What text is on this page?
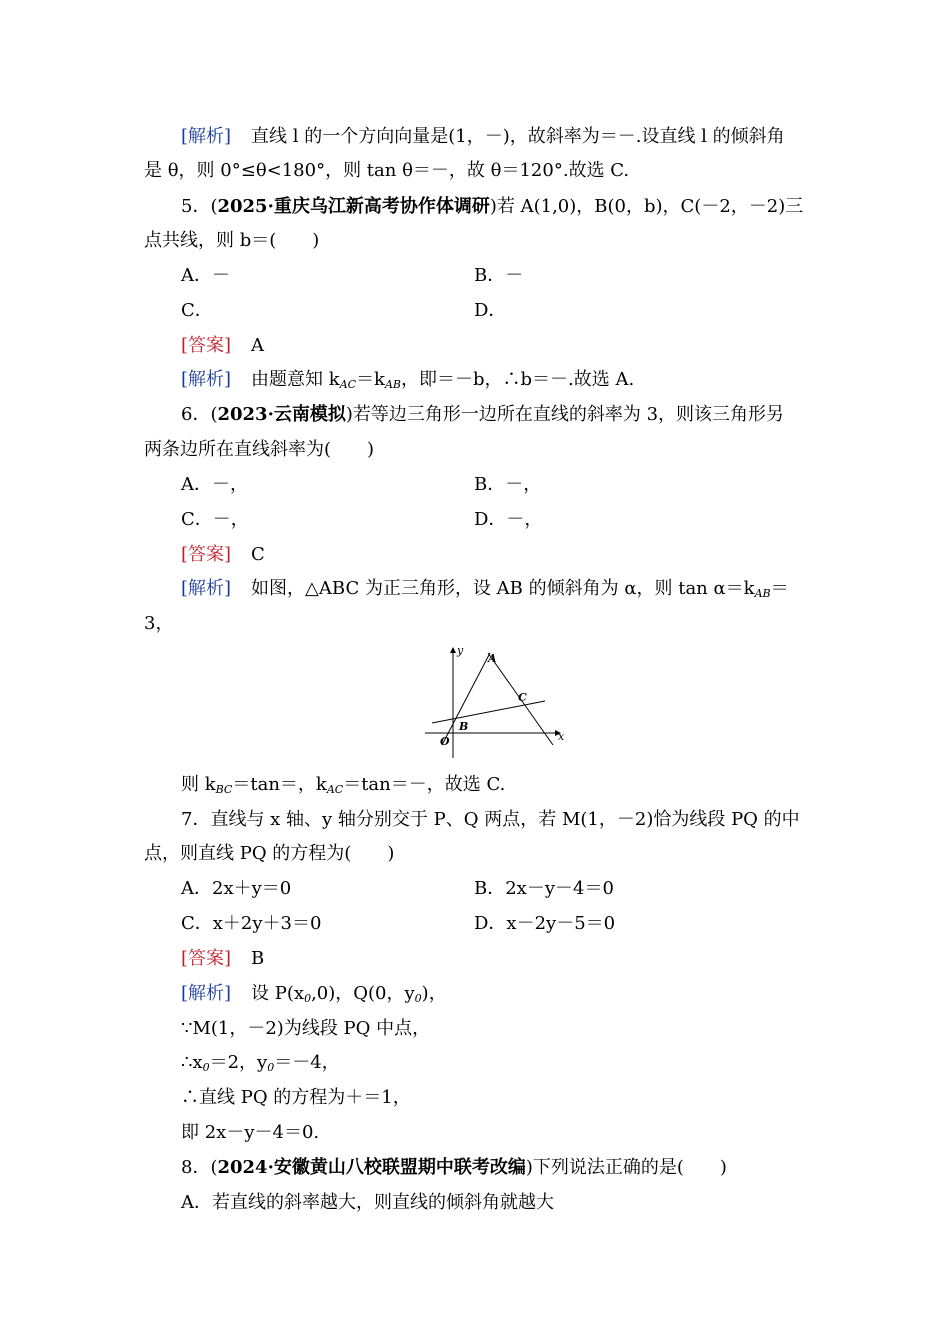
[解析] 直线 l 的一个方向向量是(1，－)，故斜率为＝－.设直线 l 的倾斜角
是 θ，则 0°≤θ<180°，则 tan θ＝－，故 θ＝120°.故选 C.
5．(2025·重庆乌江新高考协作体调研)若 A(1,0)，B(0，b)，C(－2，－2)三
点共线，则 b＝(　　)
A．－	B．－
C．	D．
[答案] A
[解析] 由题意知 $k_{AC}=k_{AB}$，即＝－b，∴b＝－.故选 A.
6．(2023·云南模拟)若等边三角形一边所在直线的斜率为 3，则该三角形另
两条边所在直线斜率为(　　)
A．－，	B．－，
C．－，	D．－，
[答案] C
[解析] 如图，△ABC 为正三角形，设 AB 的倾斜角为 α，则 $\tan \alpha=k_{AB}=$
3，
y
x
A
B
C
O
则 $k_{BC}=\tan=$，$k_{AC}=\tan=-$，故选 C.
7．直线与 x 轴、y 轴分别交于 P、Q 两点，若 M(1，－2)恰为线段 PQ 的中
点，则直线 PQ 的方程为(　　)
A．2x＋y＝0	B．2x－y－4＝0
C．x＋2y＋3＝0	D．x－2y－5＝0
[答案] B
[解析] 设 $P(x_0,0)$，Q(0，$y_0$)，
∵M(1，－2)为线段 PQ 中点，
$\therefore x_0=2$，$y_0=-4$，
∴直线 PQ 的方程为＋＝1，
即 2x－y－4＝0.
8．(2024·安徽黄山八校联盟期中联考改编)下列说法正确的是(　　)
A．若直线的斜率越大，则直线的倾斜角就越大
